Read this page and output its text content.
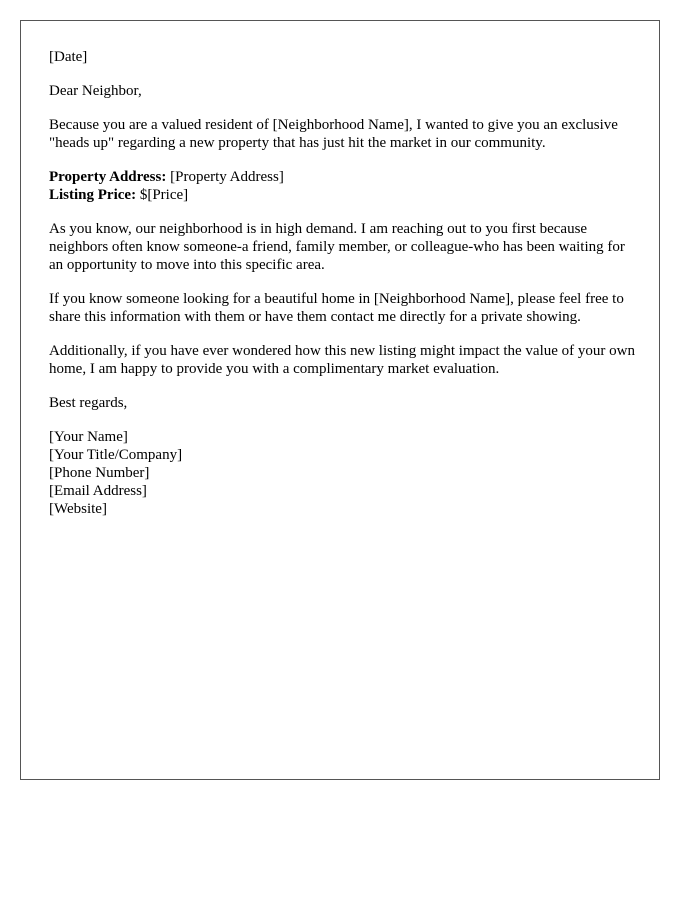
[Date]

Dear Neighbor,

Because you are a valued resident of [Neighborhood Name], I wanted to give you an exclusive "heads up" regarding a new property that has just hit the market in our community.

Property Address: [Property Address]
Listing Price: $[Price]

As you know, our neighborhood is in high demand. I am reaching out to you first because neighbors often know someone-a friend, family member, or colleague-who has been waiting for an opportunity to move into this specific area.

If you know someone looking for a beautiful home in [Neighborhood Name], please feel free to share this information with them or have them contact me directly for a private showing.

Additionally, if you have ever wondered how this new listing might impact the value of your own home, I am happy to provide you with a complimentary market evaluation.

Best regards,

[Your Name]
[Your Title/Company]
[Phone Number]
[Email Address]
[Website]
